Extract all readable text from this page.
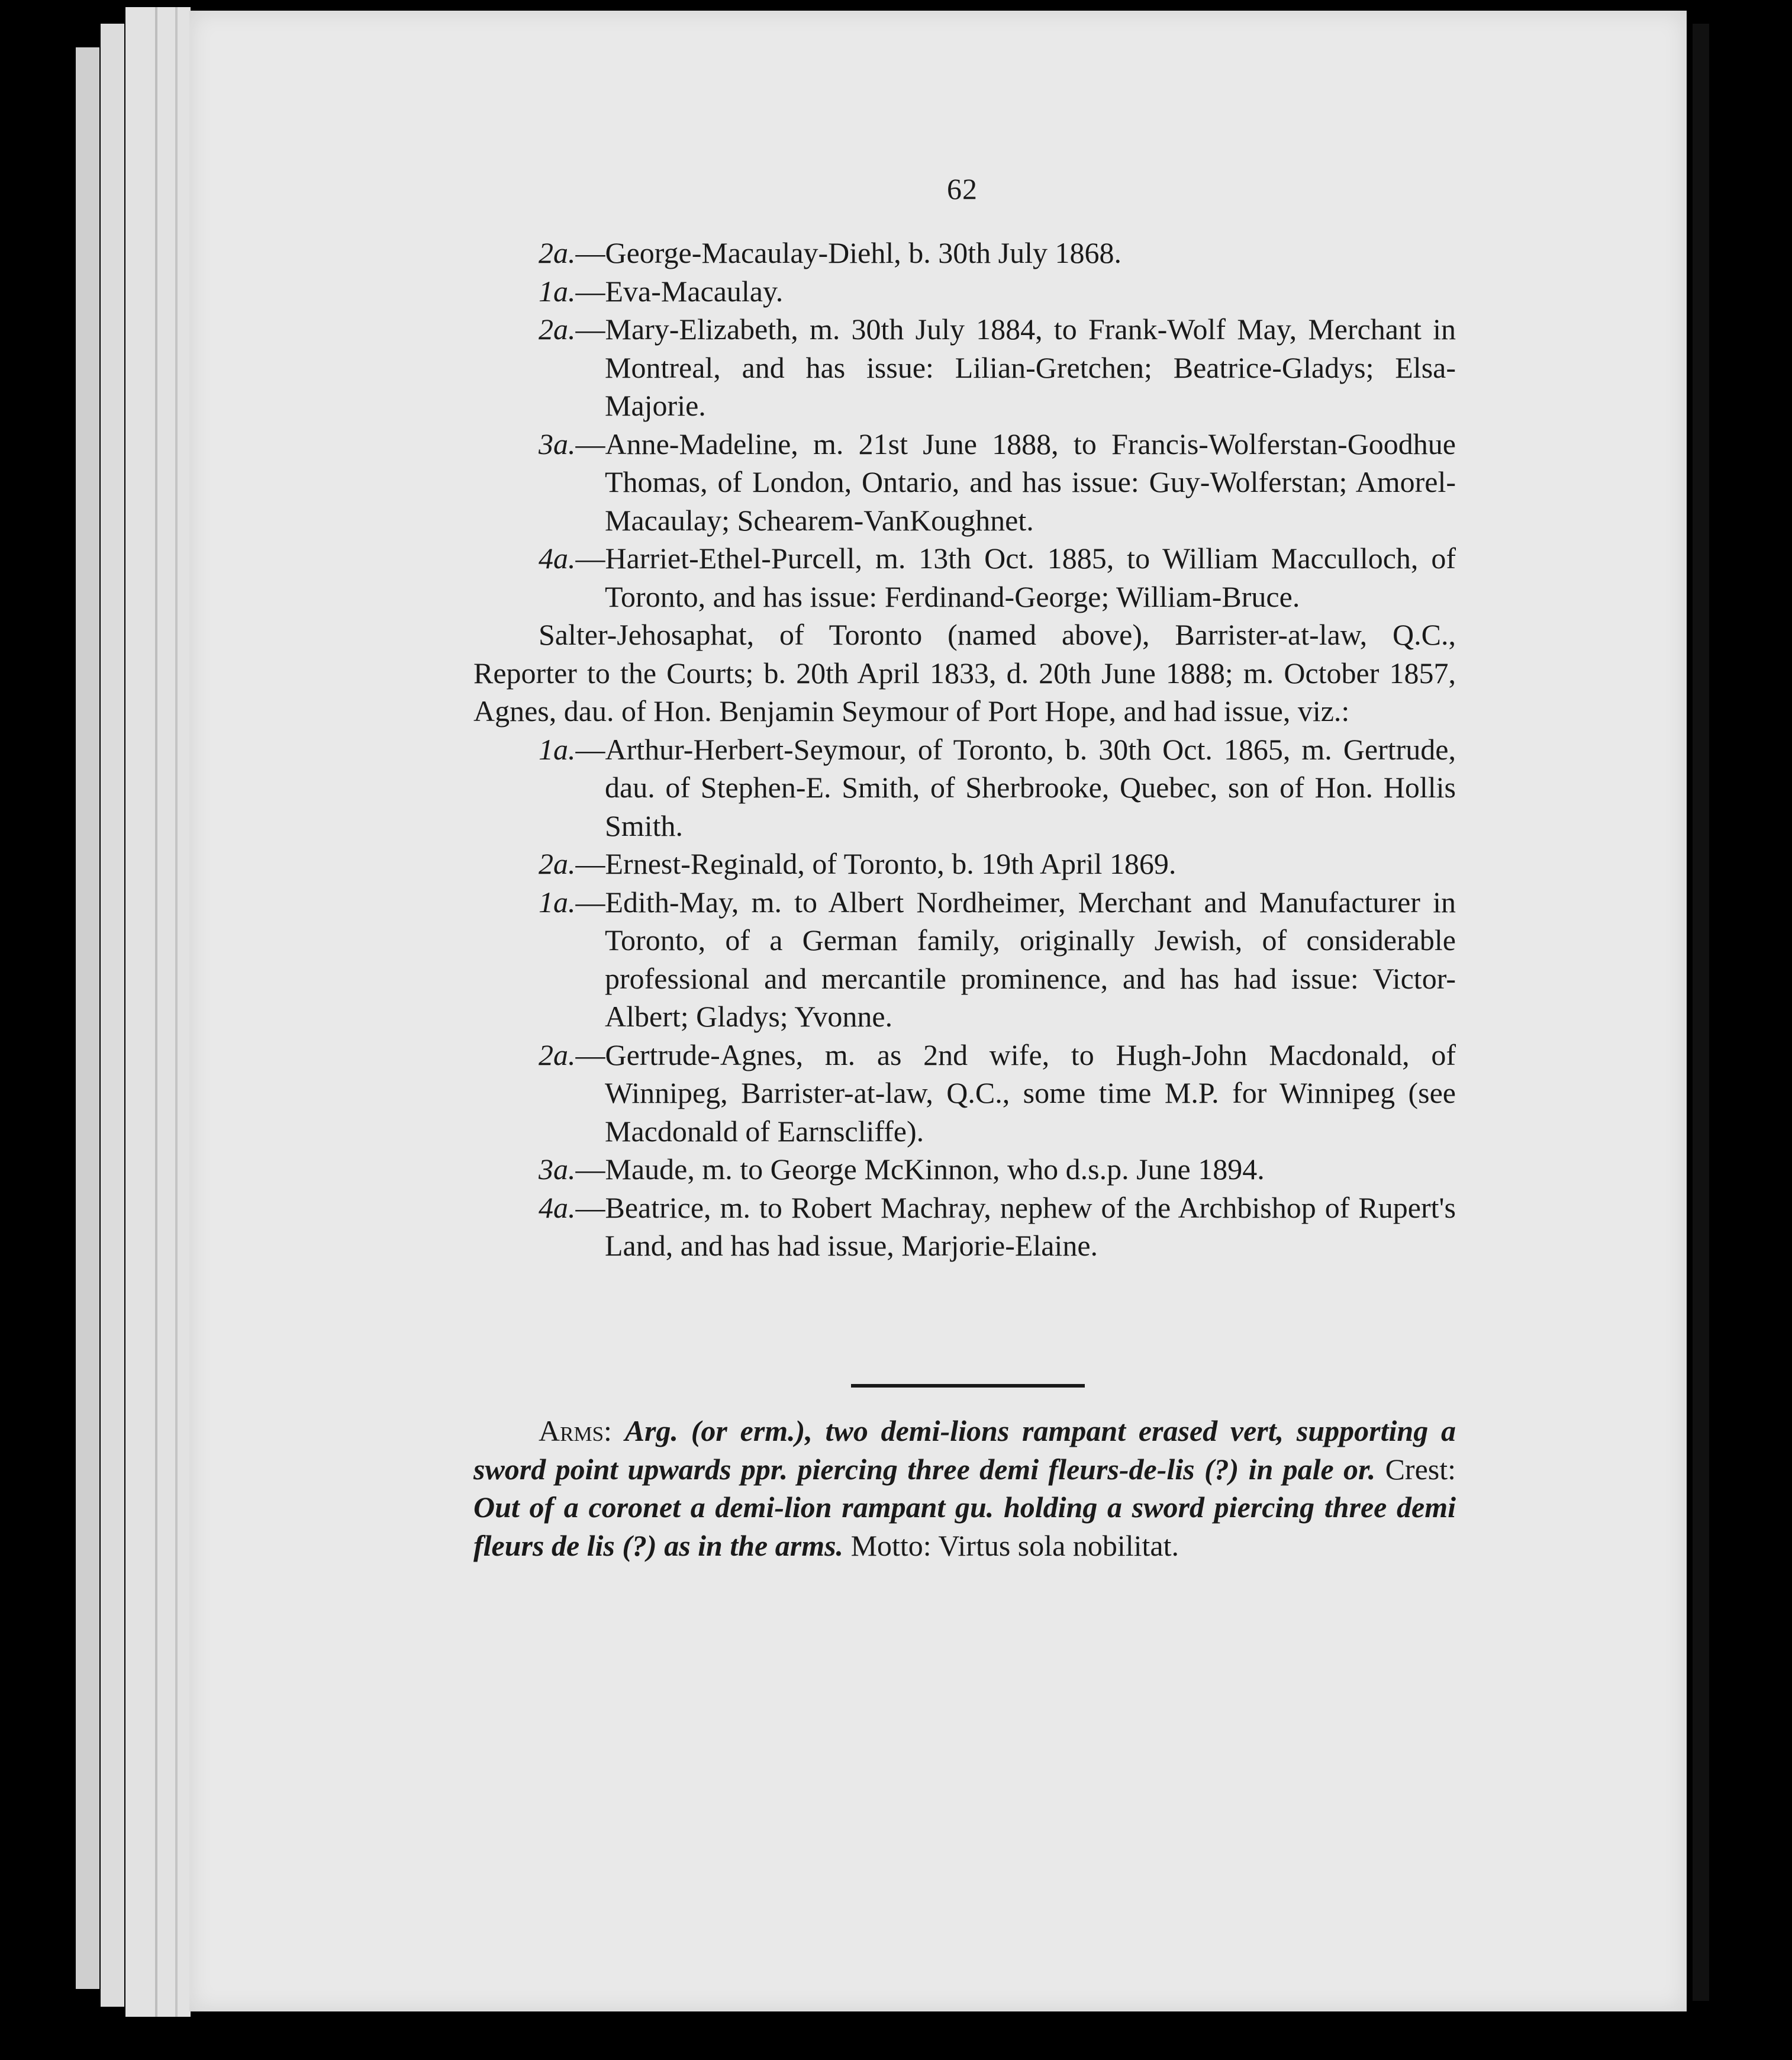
62
2a.—George-Macaulay-Diehl, b. 30th July 1868.
1a.—Eva-Macaulay.
2a.—Mary-Elizabeth, m. 30th July 1884, to Frank-Wolf May, Merchant in Montreal, and has issue: Lilian-Gretchen; Beatrice-Gladys; Elsa-Majorie.
3a.—Anne-Madeline, m. 21st June 1888, to Francis-Wolferstan-Goodhue Thomas, of London, Ontario, and has issue: Guy-Wolferstan; Amorel-Macaulay; Schearem-VanKoughnet.
4a.—Harriet-Ethel-Purcell, m. 13th Oct. 1885, to William Macculloch, of Toronto, and has issue: Ferdinand-George; William-Bruce.
Salter-Jehosaphat, of Toronto (named above), Barrister-at-law, Q.C., Reporter to the Courts; b. 20th April 1833, d. 20th June 1888; m. October 1857, Agnes, dau. of Hon. Benjamin Seymour of Port Hope, and had issue, viz.:
1a.—Arthur-Herbert-Seymour, of Toronto, b. 30th Oct. 1865, m. Gertrude, dau. of Stephen-E. Smith, of Sherbrooke, Quebec, son of Hon. Hollis Smith.
2a.—Ernest-Reginald, of Toronto, b. 19th April 1869.
1a.—Edith-May, m. to Albert Nordheimer, Merchant and Manufacturer in Toronto, of a German family, originally Jewish, of considerable professional and mercantile prominence, and has had issue: Victor-Albert; Gladys; Yvonne.
2a.—Gertrude-Agnes, m. as 2nd wife, to Hugh-John Macdonald, of Winnipeg, Barrister-at-law, Q.C., some time M.P. for Winnipeg (see Macdonald of Earnscliffe).
3a.—Maude, m. to George McKinnon, who d.s.p. June 1894.
4a.—Beatrice, m. to Robert Machray, nephew of the Archbishop of Rupert's Land, and has had issue, Marjorie-Elaine.
Arms: Arg. (or erm.), two demi-lions rampant erased vert, supporting a sword point upwards ppr. piercing three demi fleurs-de-lis (?) in pale or. Crest: Out of a coronet a demi-lion rampant gu. holding a sword piercing three demi fleurs de lis (?) as in the arms. Motto: Virtus sola nobilitat.
